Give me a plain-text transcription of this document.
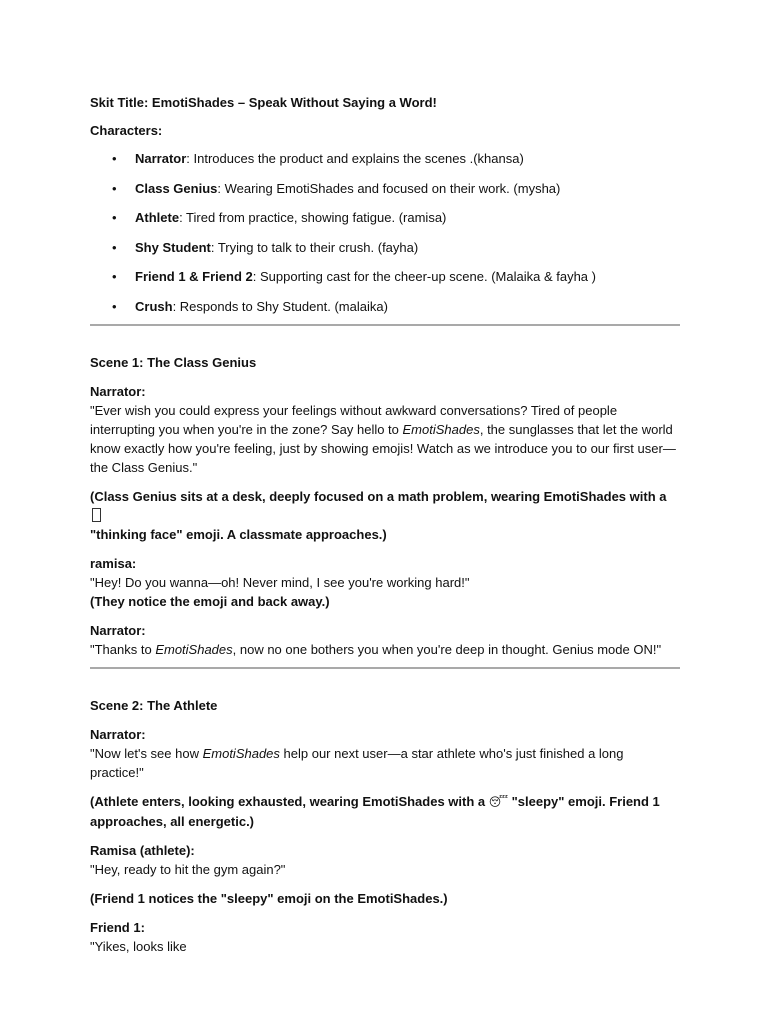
Skit Title: EmotiShades – Speak Without Saying a Word!

Characters:

• Narrator: Introduces the product and explains the scenes .(khansa)
• Class Genius: Wearing EmotiShades and focused on their work. (mysha)
• Athlete: Tired from practice, showing fatigue. (ramisa)
• Shy Student: Trying to talk to their crush. (fayha)
• Friend 1 & Friend 2: Supporting cast for the cheer-up scene. (Malaika & fayha )
• Crush: Responds to Shy Student. (malaika)

Scene 1: The Class Genius

Narrator:

"Ever wish you could express your feelings without awkward conversations? Tired of people interrupting you when you're in the zone? Say hello to EmotiShades, the sunglasses that let the world know exactly how you're feeling, just by showing emojis! Watch as we introduce you to our first user—the Class Genius."

(Class Genius sits at a desk, deeply focused on a math problem, wearing EmotiShades with a
"thinking face" emoji. A classmate approaches.)

ramisa:

"Hey! Do you wanna—oh! Never mind, I see you're working hard!"

(They notice the emoji and back away.)

Narrator:

"Thanks to EmotiShades, now no one bothers you when you're deep in thought. Genius mode ON!"

Scene 2: The Athlete

Narrator:

"Now let's see how EmotiShades help our next user—a star athlete who's just finished a long practice!"

(Athlete enters, looking exhausted, wearing EmotiShades with a 😴 "sleepy" emoji. Friend 1 approaches, all energetic.)

Ramisa (athlete):

"Hey, ready to hit the gym again?"

(Friend 1 notices the "sleepy" emoji on the EmotiShades.)

Friend 1:

"Yikes, looks like
